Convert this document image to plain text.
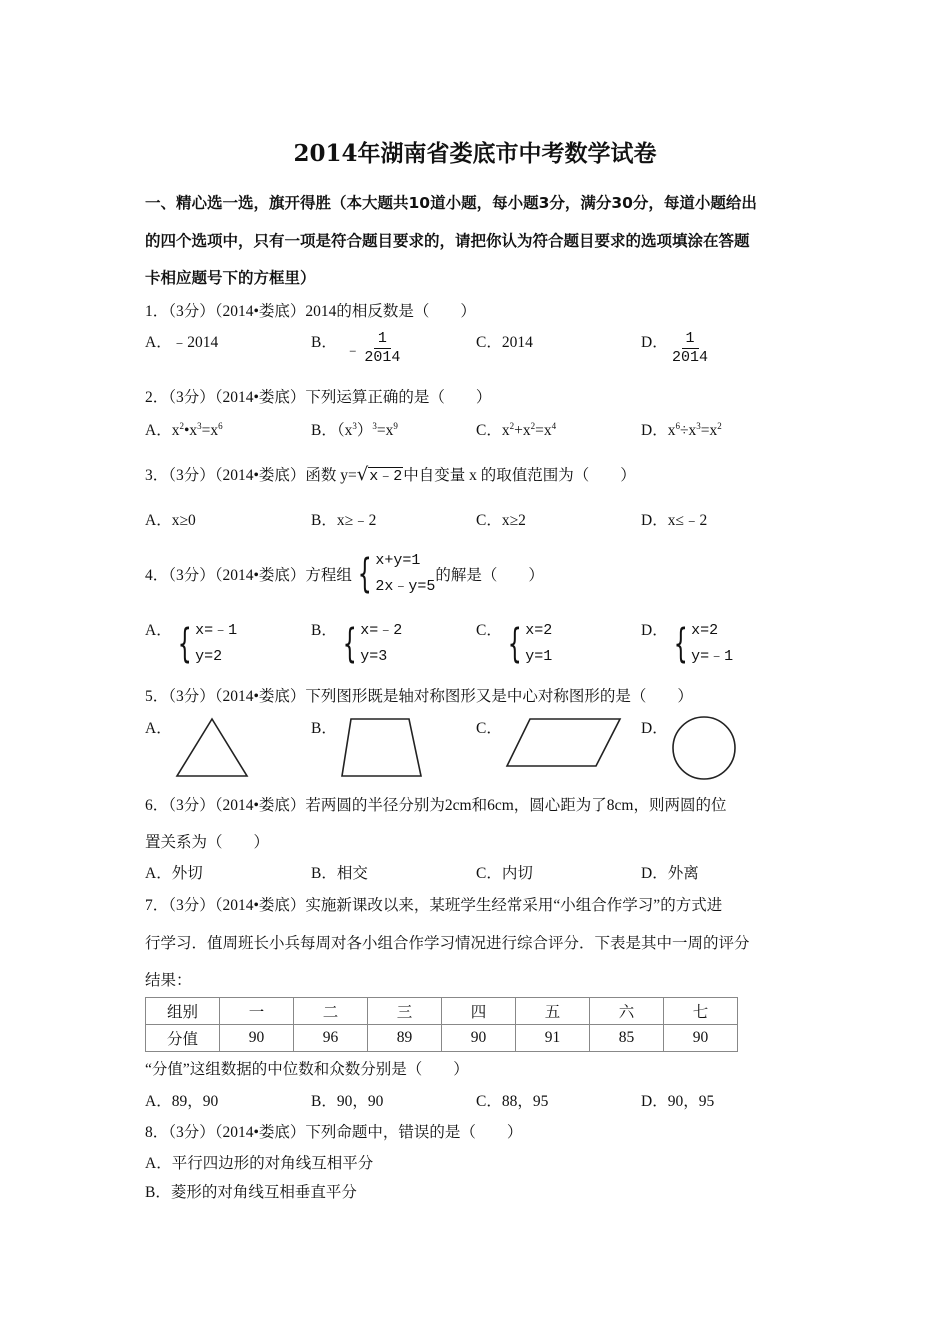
2014年湖南省娄底市中考数学试卷
一、精心选一选，旗开得胜（本大题共10道小题，每小题3分，满分30分，每道小题给出
的四个选项中，只有一项是符合题目要求的，请把你认为符合题目要求的选项填涂在答题
卡相应题号下的方框里）
1．（3分）（2014•娄底）2014的相反数是（　　）
A．﹣2014	B． ﹣ $\frac{1}{2014}$	C．2014	D． $\frac{1}{2014}$
2．（3分）（2014•娄底）下列运算正确的是（　　）
A．$x^2•x^3=x^6$	B．$(x^3)^3=x^9$	C．$x^2+x^2=x^4$	D．$x^6\div x^3=x^2$
3．（3分）（2014•娄底）函数 y=√x﹣2中自变量 x 的取值范围为（　　）
A．x≥0	B．x≥﹣2	C．x≥2	D．x≤﹣2
4．（3分）（2014•娄底）方程组 { x+y=1
2x﹣y=5
的解是（　　）
A． { x=﹣1
y=2
B． { x=﹣2
y=3
C． { x=2
y=1
D． { x=2
y=﹣1
5．（3分）（2014•娄底）下列图形既是轴对称图形又是中心对称图形的是（　　）
A．	B．	C．	D．
6．（3分）（2014•娄底）若两圆的半径分别为2cm和6cm，圆心距为了8cm，则两圆的位
置关系为（　　）
A．外切	B．相交	C．内切	D．外离
7．（3分）（2014•娄底）实施新课改以来，某班学生经常采用“小组合作学习”的方式进
行学习．值周班长小兵每周对各小组合作学习情况进行综合评分．下表是其中一周的评分
结果：
组别	一	二	三	四	五	六	七
分值	90	96	89	90	91	85	90
“分值”这组数据的中位数和众数分别是（　　）
A．89，90	B．90，90	C．88，95	D．90，95
8．（3分）（2014•娄底）下列命题中，错误的是（　　）
A．平行四边形的对角线互相平分
B．菱形的对角线互相垂直平分
